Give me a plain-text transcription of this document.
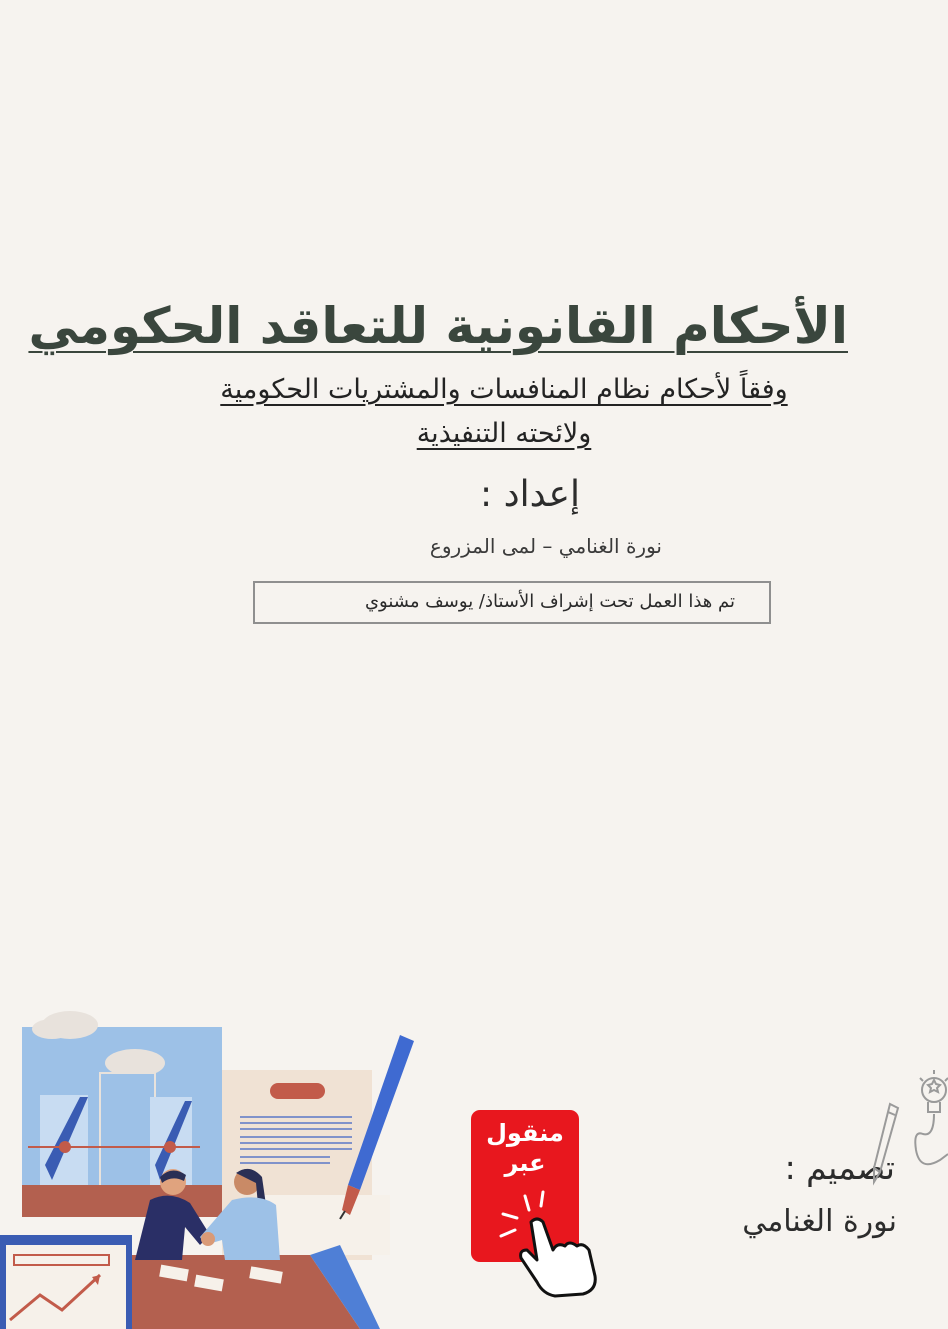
الأحكام القانونية للتعاقد الحكومي
وفقاً لأحكام نظام المنافسات والمشتريات الحكومية
ولائحته التنفيذية
إعداد :
نورة الغنامي – لمى المزروع
تم هذا العمل تحت إشراف الأستاذ/ يوسف مشنوي
منقول
عبر	تصميم :
نورة الغنامي
